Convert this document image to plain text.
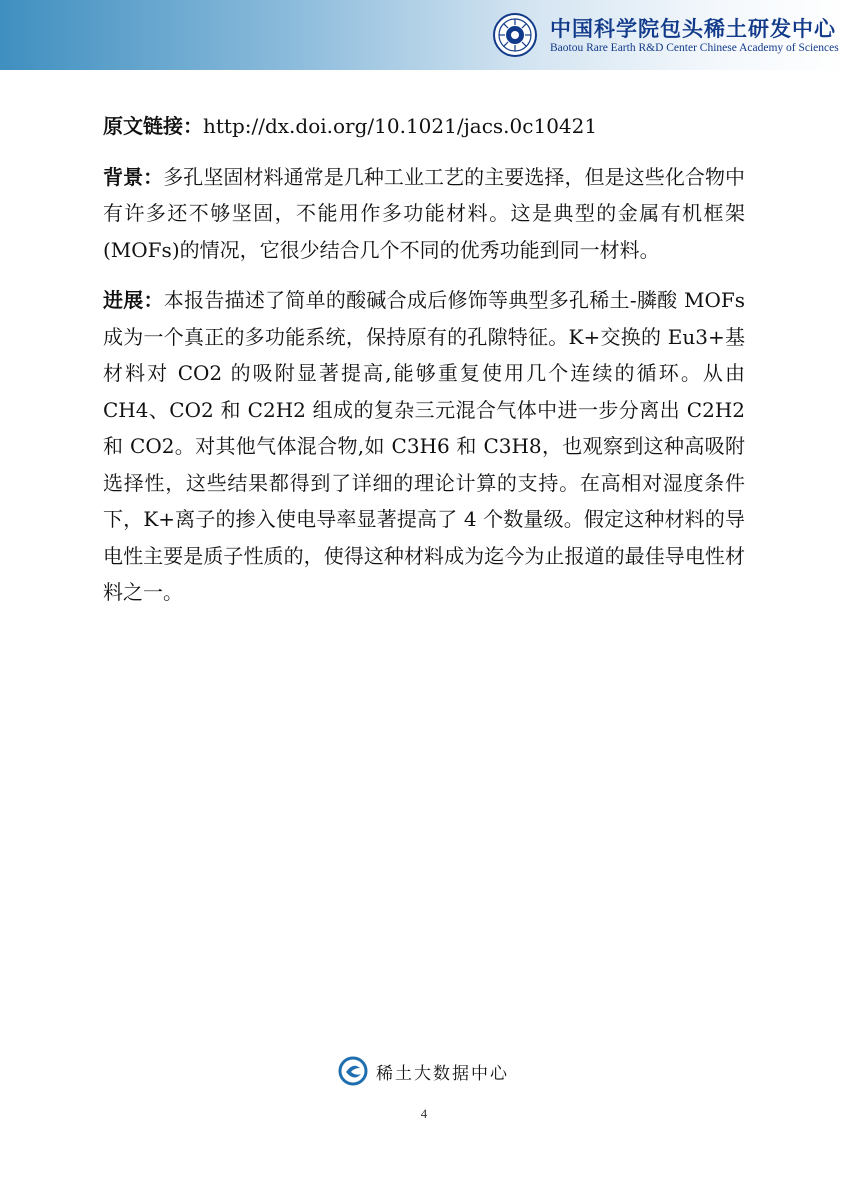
中国科学院包头稀土研发中心
Baotou Rare Earth R&D Center Chinese Academy of Sciences

原文链接：http://dx.doi.org/10.1021/jacs.0c10421

背景：多孔坚固材料通常是几种工业工艺的主要选择，但是这些化合物中有许多还不够坚固，不能用作多功能材料。这是典型的金属有机框架(MOFs)的情况，它很少结合几个不同的优秀功能到同一材料。

进展：本报告描述了简单的酸碱合成后修饰等典型多孔稀土-膦酸 MOFs 成为一个真正的多功能系统，保持原有的孔隙特征。K+交换的 Eu3+基材料对 CO2 的吸附显著提高,能够重复使用几个连续的循环。从由 CH4、CO2 和 C2H2 组成的复杂三元混合气体中进一步分离出 C2H2 和 CO2。对其他气体混合物,如 C3H6 和 C3H8，也观察到这种高吸附选择性，这些结果都得到了详细的理论计算的支持。在高相对湿度条件下，K+离子的掺入使电导率显著提高了 4 个数量级。假定这种材料的导电性主要是质子性质的，使得这种材料成为迄今为止报道的最佳导电性材料之一。

稀土大数据中心
4
